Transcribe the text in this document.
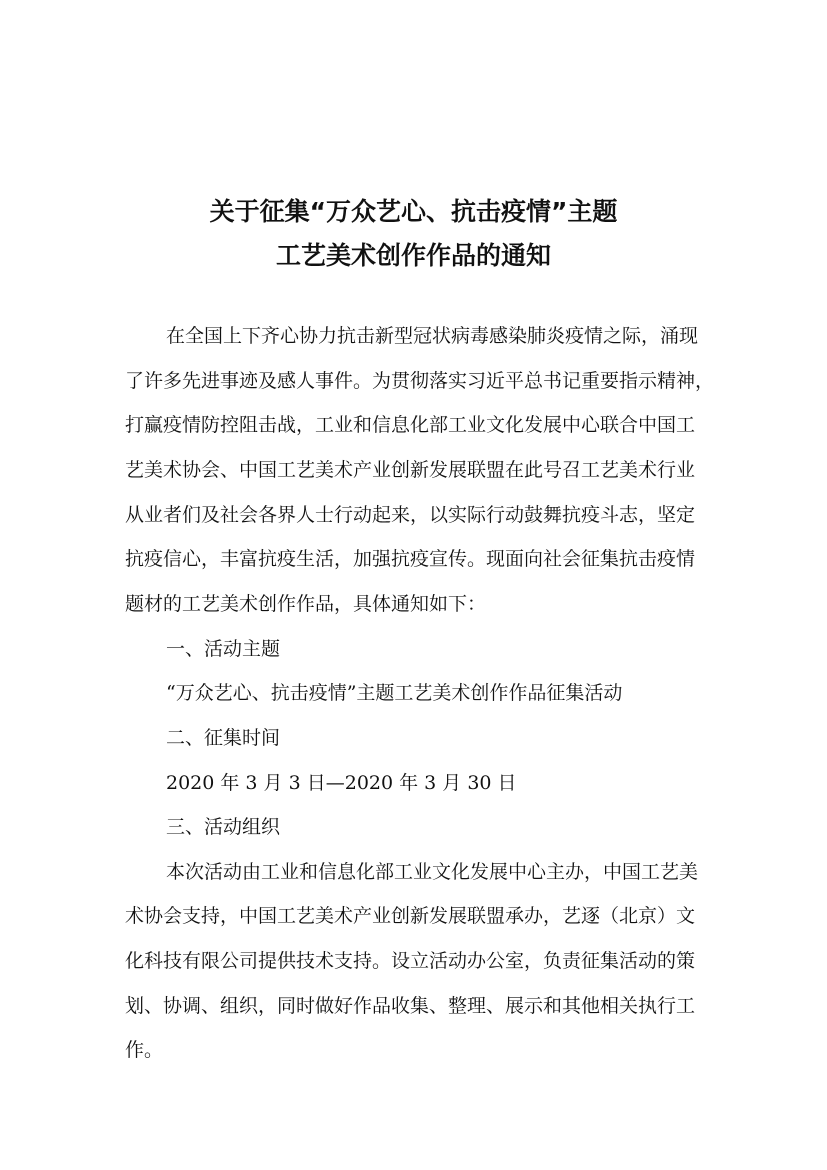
关于征集“万众艺心、抗击疫情”主题
工艺美术创作作品的通知
在全国上下齐心协力抗击新型冠状病毒感染肺炎疫情之际，涌现
了许多先进事迹及感人事件。为贯彻落实习近平总书记重要指示精神，
打赢疫情防控阻击战，工业和信息化部工业文化发展中心联合中国工
艺美术协会、中国工艺美术产业创新发展联盟在此号召工艺美术行业
从业者们及社会各界人士行动起来，以实际行动鼓舞抗疫斗志，坚定
抗疫信心，丰富抗疫生活，加强抗疫宣传。现面向社会征集抗击疫情
题材的工艺美术创作作品，具体通知如下：
一、活动主题
“万众艺心、抗击疫情”主题工艺美术创作作品征集活动
二、征集时间
2020 年 3 月 3 日—2020 年 3 月 30 日
三、活动组织
本次活动由工业和信息化部工业文化发展中心主办，中国工艺美
术协会支持，中国工艺美术产业创新发展联盟承办，艺逐（北京）文
化科技有限公司提供技术支持。设立活动办公室，负责征集活动的策
划、协调、组织，同时做好作品收集、整理、展示和其他相关执行工
作。
